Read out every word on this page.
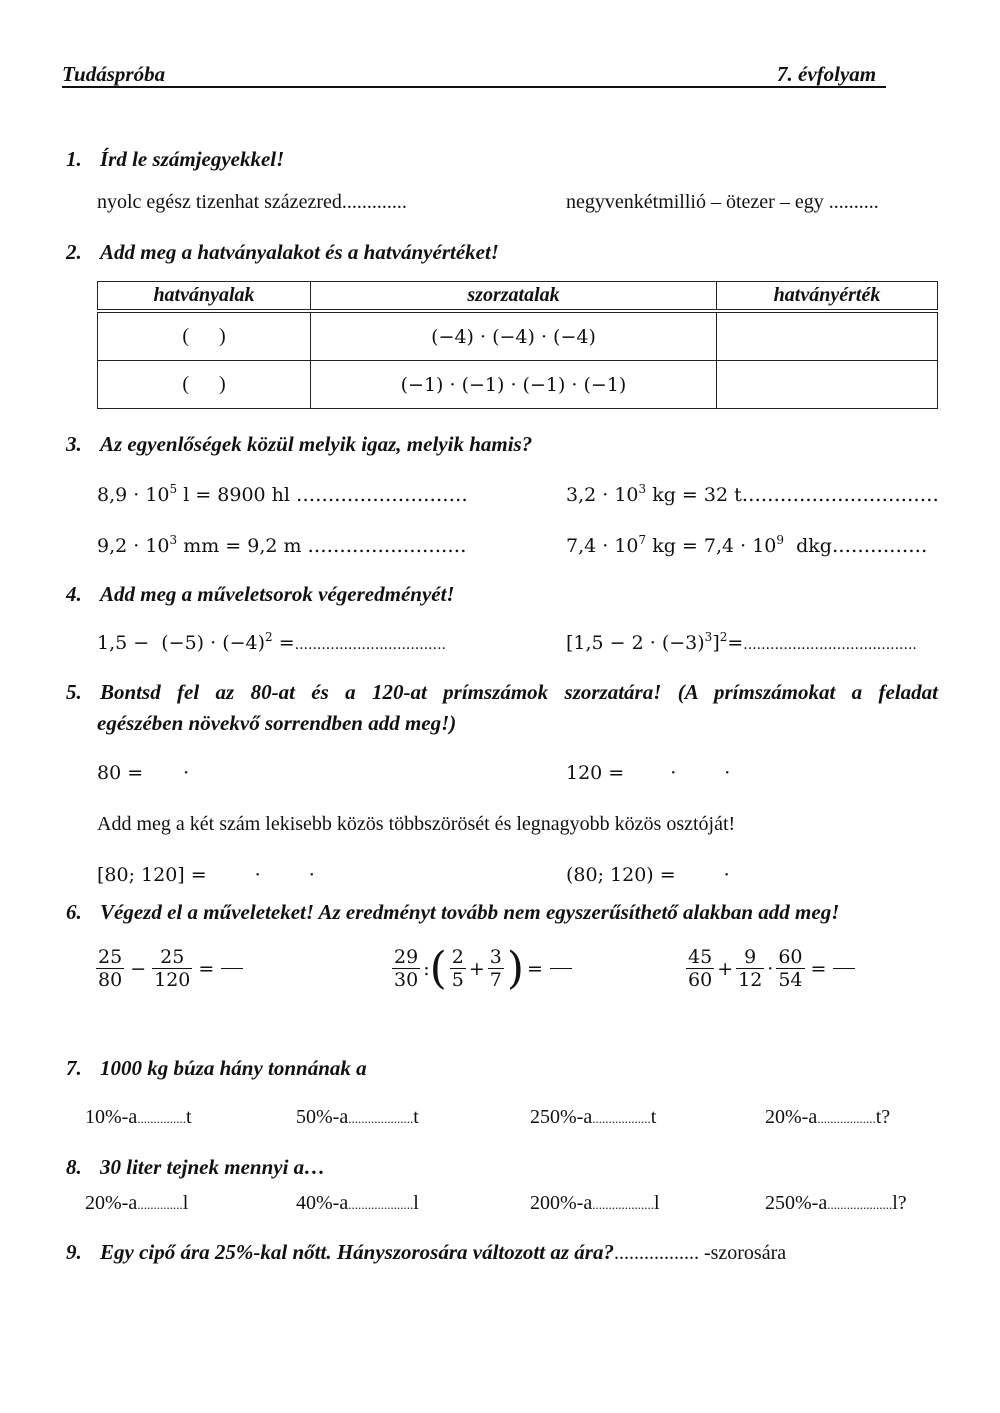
Tudáspróba	7. évfolyam
1. Írd le számjegyekkel!
nyolc egész tizenhat százezred.............	negyvenkétmillió – ötezer – egy ..........
2. Add meg a hatványalakot és a hatványértéket!
hatványalak	szorzatalak	hatványérték
(      )	(−4) · (−4) · (−4)	
(      )	(−1) · (−1) · (−1) · (−1)	
3. Az egyenlőségek közül melyik igaz, melyik hamis?
$8,9 \cdot 10^5$ l = 8900 hl ...........................	$3,2 \cdot 10^3$ kg = 32 t...............................
$9,2 \cdot 10^3$ mm = 9,2 m .........................	$7,4 \cdot 10^7$ kg = $7,4 \cdot 10^9$  dkg...............
4. Add meg a műveletsorok végeredményét!
$1,5 - (-5) \cdot (-4)^2$ =..................................	$[1,5 - 2 \cdot (-3)^3]^2=$.......................................
5. Bontsd fel az 80-at és a 120-at prímszámok szorzatára! (A prímszámokat a feladat
egészében növekvő sorrendben add meg!)
80 = ·	120 = ·	·
Add meg a két szám lekisebb közös többszörösét és legnagyobb közös osztóját!
[80; 120] =	·	·	(80; 120) =	·
6. Végezd el a műveleteket! Az eredményt tovább nem egyszerűsíthető alakban add meg!
$\frac{25}{80} - \frac{25}{120}$ =	$\frac{29}{30}$ : ( $\frac{2}{5} + \frac{3}{7}$ ) =	$\frac{45}{60} + \frac{9}{12} \cdot \frac{60}{54}$ =
7. 1000 kg búza hány tonnának a
10%-a...............t	50%-a....................t	250%-a..................t	20%-a..................t?
8. 30 liter tejnek mennyi a…
20%-a..............l	40%-a....................l	200%-a...................l	250%-a....................l?
9. Egy cipő ára 25%-kal nőtt. Hányszorosára változott az ára?................. -szorosára
